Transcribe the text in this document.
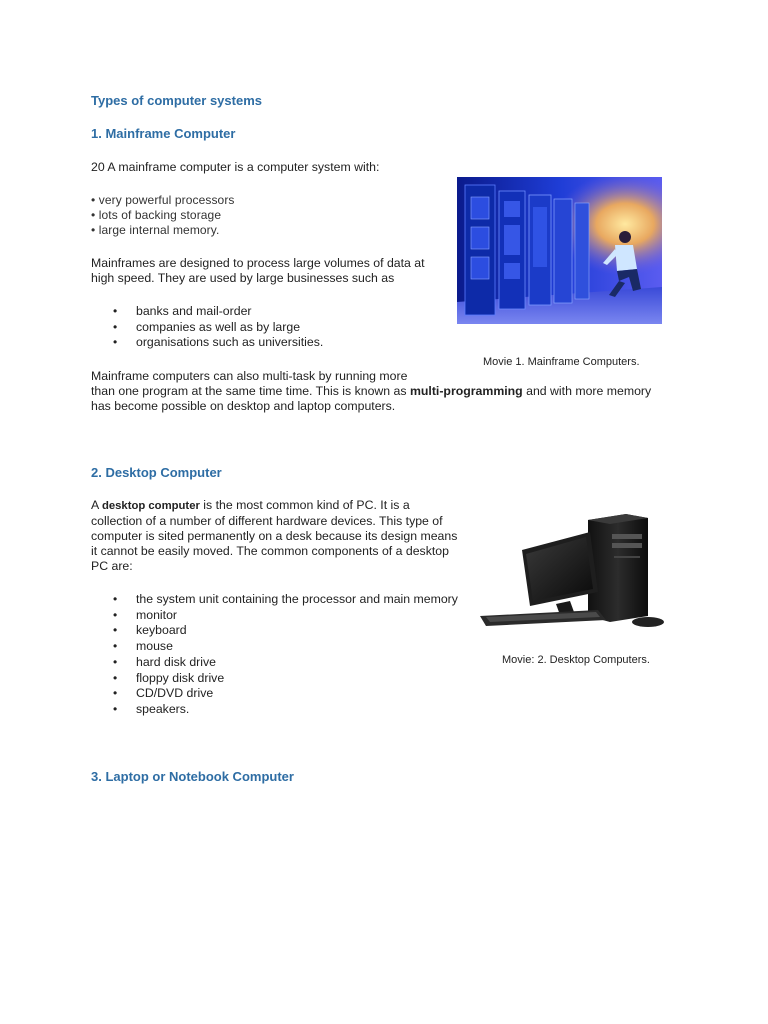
Types of computer systems
1. Mainframe Computer
20 A mainframe computer is a computer system with:
• very powerful processors
• lots of backing storage
• large internal memory.
Mainframes are designed to process large volumes of data at
high speed. They are used by large businesses such as
• banks and mail-order
• companies as well as by large
• organisations such as universities.
Movie 1. Mainframe Computers.
Mainframe computers can also multi-task by running more
than one program at the same time time. This is known as multi-programming and with more memory
has become possible on desktop and laptop computers.
2. Desktop Computer
A desktop computer is the most common kind of PC. It is a
collection of a number of different hardware devices. This type of
computer is sited permanently on a desk because its design means
it cannot be easily moved. The common components of a desktop
PC are:
• the system unit containing the processor and main memory
• monitor
• keyboard
• mouse
• hard disk drive
• floppy disk drive
• CD/DVD drive
• speakers.
Movie: 2. Desktop Computers.
3. Laptop or Notebook Computer
